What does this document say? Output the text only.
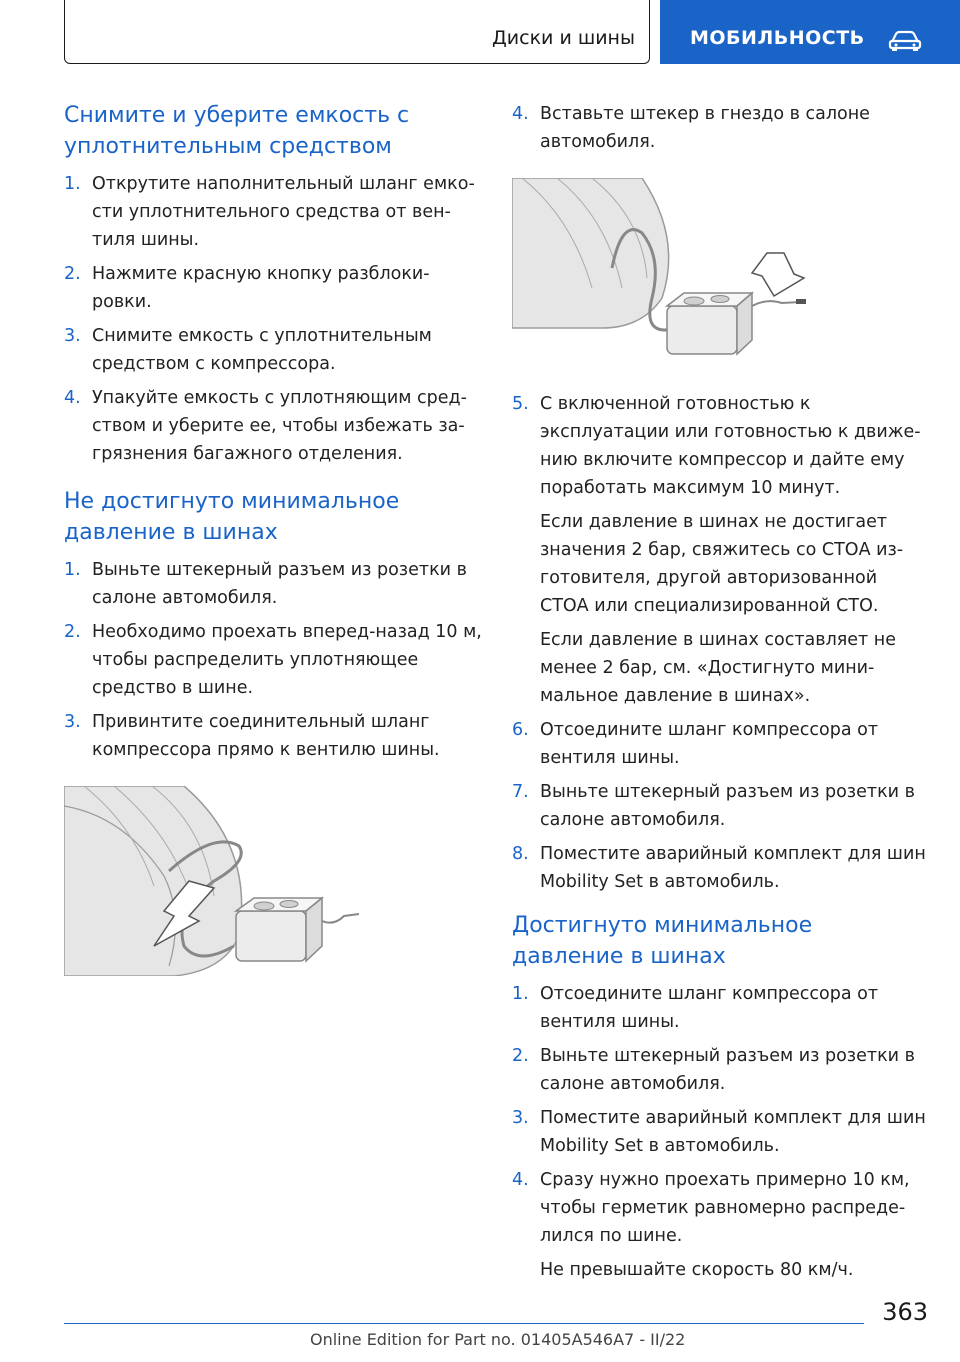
Диски и шины	МОБИЛЬНОСТЬ
Снимите и уберите емкость с уплотнительным средством
1. Открутите наполнительный шланг емкости уплотнительного средства от вентиля шины.
2. Нажмите красную кнопку разблокировки.
3. Снимите емкость с уплотнительным средством с компрессора.
4. Упакуйте емкость с уплотняющим средством и уберите ее, чтобы избежать загрязнения багажного отделения.
Не достигнуто минимальное давление в шинах
1. Выньте штекерный разъем из розетки в салоне автомобиля.
2. Необходимо проехать вперед-назад 10 м, чтобы распределить уплотняющее средство в шине.
3. Привинтите соединительный шланг компрессора прямо к вентилю шины.
4. Вставьте штекер в гнездо в салоне автомобиля.
5. С включенной готовностью к эксплуатации или готовностью к движению включите компрессор и дайте ему поработать максимум 10 минут.
Если давление в шинах не достигает значения 2 бар, свяжитесь со СТОА изготовителя, другой авторизованной СТОА или специализированной СТО.
Если давление в шинах составляет не менее 2 бар, см. «Достигнуто минимальное давление в шинах».
6. Отсоедините шланг компрессора от вентиля шины.
7. Выньте штекерный разъем из розетки в салоне автомобиля.
8. Поместите аварийный комплект для шин Mobility Set в автомобиль.
Достигнуто минимальное давление в шинах
1. Отсоедините шланг компрессора от вентиля шины.
2. Выньте штекерный разъем из розетки в салоне автомобиля.
3. Поместите аварийный комплект для шин Mobility Set в автомобиль.
4. Сразу нужно проехать примерно 10 км, чтобы герметик равномерно распределился по шине.
Не превышайте скорость 80 км/ч.
363
Online Edition for Part no. 01405A546A7 - II/22
